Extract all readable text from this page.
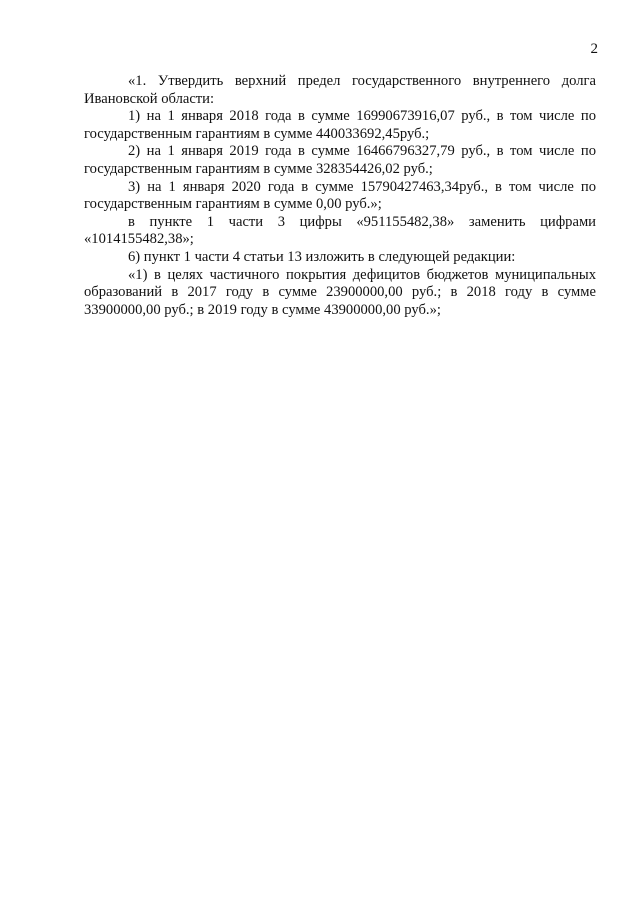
2

«1. Утвердить верхний предел государственного внутреннего долга Ивановской области:

1) на 1 января 2018 года в сумме 16990673916,07 руб., в том числе по государственным гарантиям в сумме 440033692,45руб.;

2) на 1 января 2019 года в сумме 16466796327,79 руб., в том числе по государственным гарантиям в сумме 328354426,02 руб.;

3) на 1 января 2020 года в сумме 15790427463,34руб., в том числе по государственным гарантиям в сумме 0,00 руб.»;

в пункте 1 части 3 цифры «951155482,38» заменить цифрами «1014155482,38»;

6) пункт 1 части 4 статьи 13 изложить в следующей редакции:

«1) в целях частичного покрытия дефицитов бюджетов муниципальных образований в 2017 году в сумме 23900000,00 руб.; в 2018 году в сумме 33900000,00 руб.; в 2019 году в сумме 43900000,00 руб.»;
